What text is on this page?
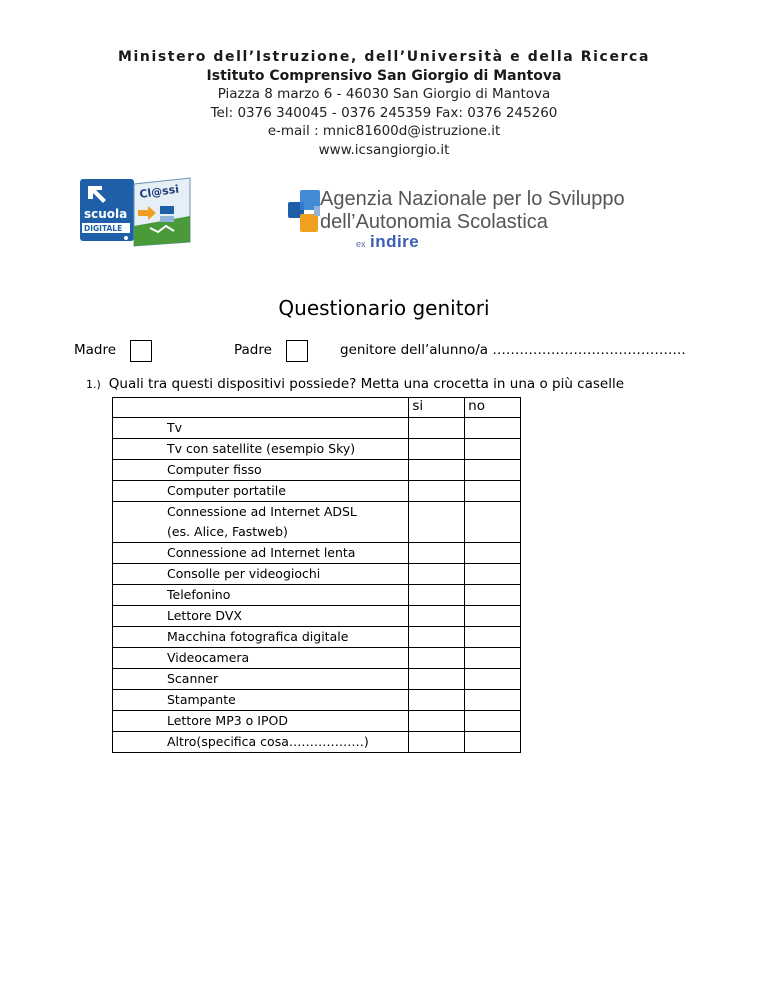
Ministero dell’Istruzione, dell’Università e della Ricerca
Istituto Comprensivo San Giorgio di Mantova
Piazza 8 marzo 6 - 46030 San Giorgio di Mantova
Tel: 0376 340045 - 0376 245359 Fax: 0376 245260
e-mail : mnic81600d@istruzione.it
www.icsangiorgio.it
scuola
DIGITALE
Cl@ssi	Agenzia Nazionale per lo Sviluppo
dell’Autonomia Scolastica
ex indire
Questionario genitori
Madre	Padre	genitore dell’alunno/a …………………………………….
1.) Quali tra questi dispositivi possiede? Metta una crocetta in una o più caselle
	si	no
Tv		
Tv con satellite (esempio Sky)		
Computer fisso		
Computer portatile		
Connessione ad Internet ADSL (es. Alice, Fastweb)		
Connessione ad Internet lenta		
Consolle per videogiochi		
Telefonino		
Lettore DVX		
Macchina fotografica digitale		
Videocamera		
Scanner		
Stampante		
Lettore MP3 o IPOD		
Altro(specifica cosa………………)		
